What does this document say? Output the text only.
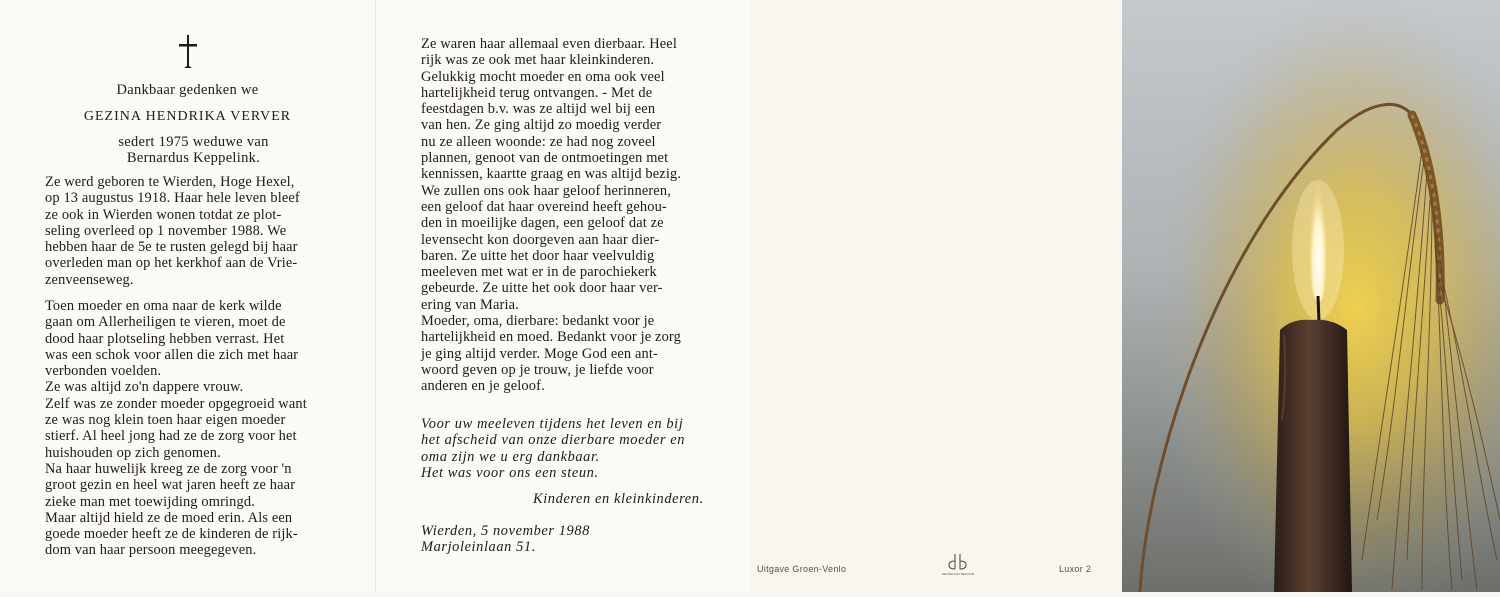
Dankbaar gedenken we
GEZINA HENDRIKA VERVER
sedert 1975 weduwe van
Bernardus Keppelink.
Ze werd geboren te Wierden, Hoge Hexel,
op 13 augustus 1918. Haar hele leven bleef
ze ook in Wierden wonen totdat ze plot-
seling overleed op 1 november 1988. We
hebben haar de 5e te rusten gelegd bij haar
overleden man op het kerkhof aan de Vrie-
zenveenseweg.
Toen moeder en oma naar de kerk wilde
gaan om Allerheiligen te vieren, moet de
dood haar plotseling hebben verrast. Het
was een schok voor allen die zich met haar
verbonden voelden.
Ze was altijd zo'n dappere vrouw.
Zelf was ze zonder moeder opgegroeid want
ze was nog klein toen haar eigen moeder
stierf. Al heel jong had ze de zorg voor het
huishouden op zich genomen.
Na haar huwelijk kreeg ze de zorg voor 'n
groot gezin en heel wat jaren heeft ze haar
zieke man met toewijding omringd.
Maar altijd hield ze de moed erin. Als een
goede moeder heeft ze de kinderen de rijk-
dom van haar persoon meegegeven.
Ze waren haar allemaal even dierbaar. Heel
rijk was ze ook met haar kleinkinderen.
Gelukkig mocht moeder en oma ook veel
hartelijkheid terug ontvangen. - Met de
feestdagen b.v. was ze altijd wel bij een
van hen. Ze ging altijd zo moedig verder
nu ze alleen woonde: ze had nog zoveel
plannen, genoot van de ontmoetingen met
kennissen, kaartte graag en was altijd bezig.
We zullen ons ook haar geloof herinneren,
een geloof dat haar overeind heeft gehou-
den in moeilijke dagen, een geloof dat ze
levensecht kon doorgeven aan haar dier-
baren. Ze uitte het door haar veelvuldig
meeleven met wat er in de parochiekerk
gebeurde. Ze uitte het ook door haar ver-
ering van Maria.
Moeder, oma, dierbare: bedankt voor je
hartelijkheid en moed. Bedankt voor je zorg
je ging altijd verder. Moge God een ant-
woord geven op je trouw, je liefde voor
anderen en je geloof.
Voor uw meeleven tijdens het leven en bij
het afscheid van onze dierbare moeder en
oma zijn we u erg dankbaar.
Het was voor ons een steun.
Kinderen en kleinkinderen.
Wierden, 5 november 1988
Marjoleinlaan 51.
Uitgave Groen-Venlo	DEUSELAGA BELGIUM	Luxor 2
